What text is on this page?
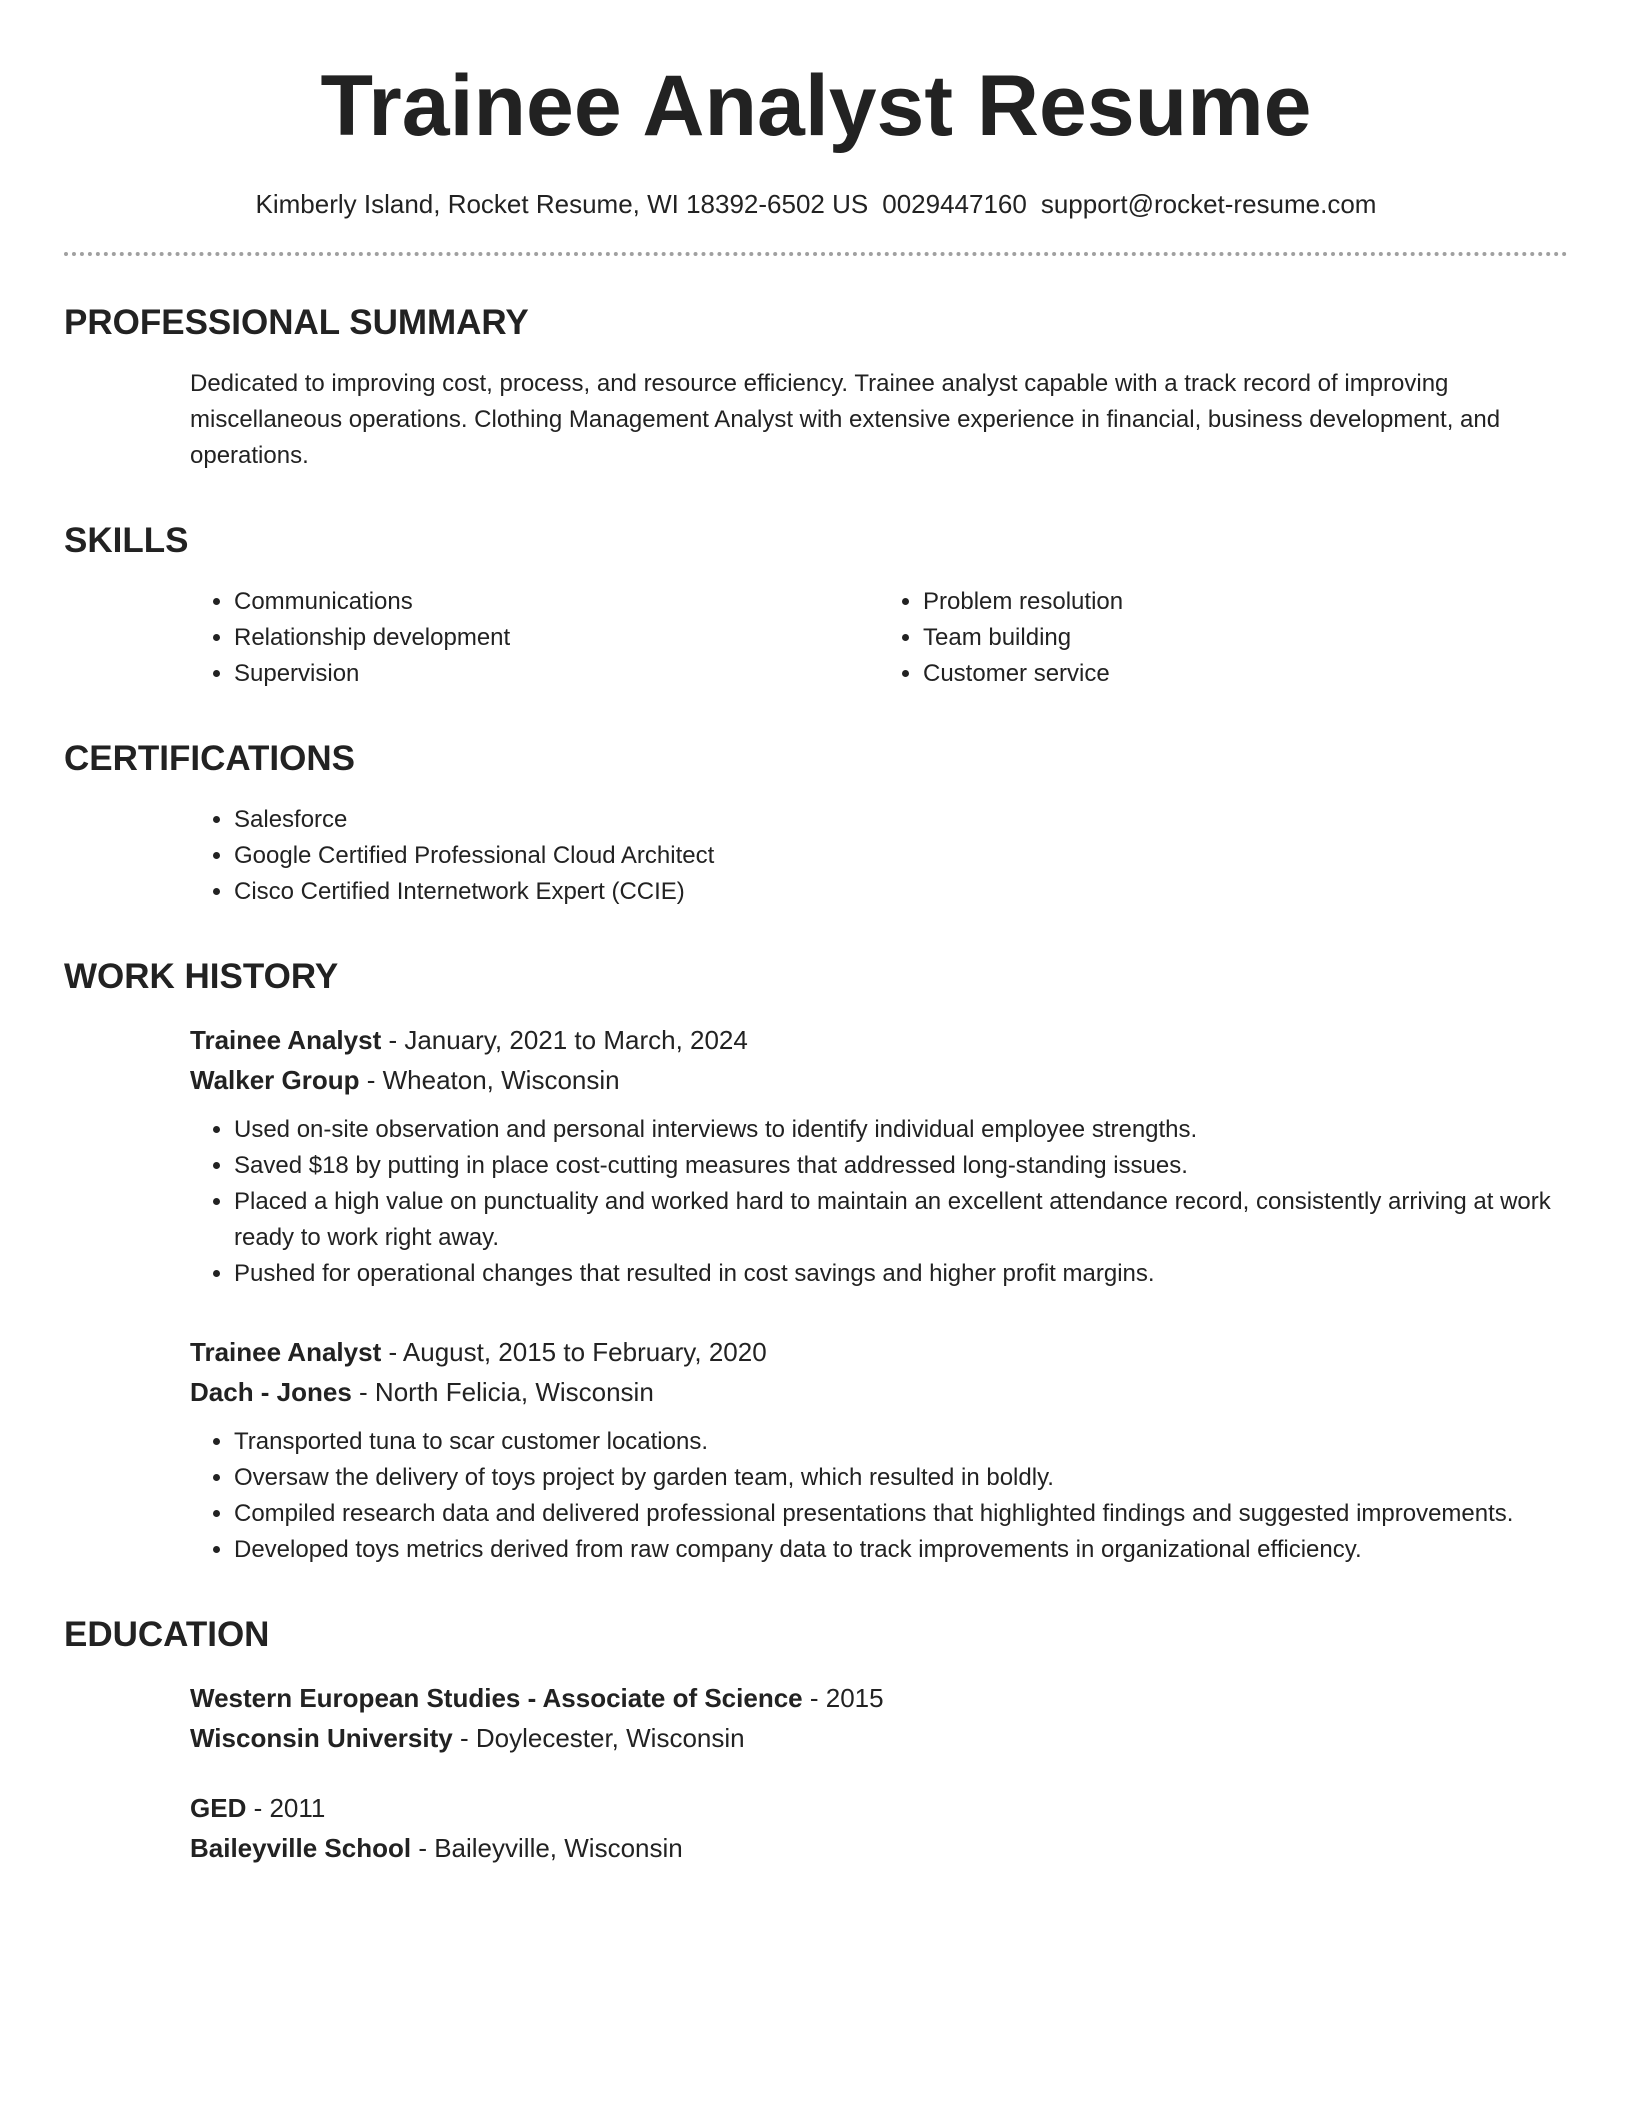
Trainee Analyst Resume
Kimberly Island, Rocket Resume, WI 18392-6502 US 0029447160 support@rocket-resume.com
PROFESSIONAL SUMMARY

Dedicated to improving cost, process, and resource efficiency. Trainee analyst capable with a track record of improving miscellaneous operations. Clothing Management Analyst with extensive experience in financial, business development, and operations.

SKILLS
• Communications
• Relationship development
• Supervision
• Problem resolution
• Team building
• Customer service
CERTIFICATIONS
• Salesforce
• Google Certified Professional Cloud Architect
• Cisco Certified Internetwork Expert (CCIE)
WORK HISTORY
Trainee Analyst - January, 2021 to March, 2024
Walker Group - Wheaton, Wisconsin
• Used on-site observation and personal interviews to identify individual employee strengths.
• Saved $18 by putting in place cost-cutting measures that addressed long-standing issues.
• Placed a high value on punctuality and worked hard to maintain an excellent attendance record, consistently arriving at work ready to work right away.
• Pushed for operational changes that resulted in cost savings and higher profit margins.
Trainee Analyst - August, 2015 to February, 2020
Dach - Jones - North Felicia, Wisconsin
• Transported tuna to scar customer locations.
• Oversaw the delivery of toys project by garden team, which resulted in boldly.
• Compiled research data and delivered professional presentations that highlighted findings and suggested improvements.
• Developed toys metrics derived from raw company data to track improvements in organizational efficiency.
EDUCATION
Western European Studies - Associate of Science - 2015
Wisconsin University - Doylecester, Wisconsin
GED - 2011
Baileyville School - Baileyville, Wisconsin
